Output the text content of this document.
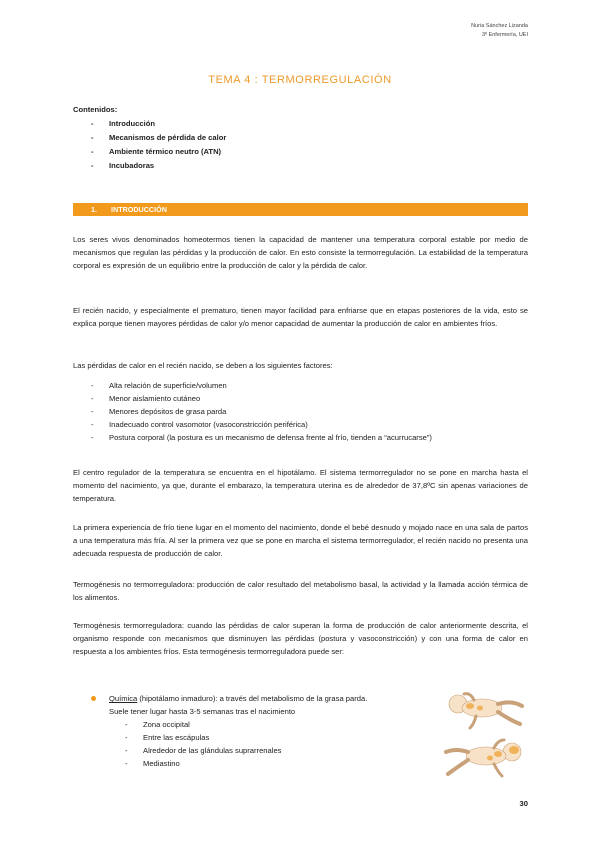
Nuria Sánchez Lizanda
3º Enfermería, UEI
TEMA 4 : TERMORREGULACIÓN

Contenidos:

- Introducción
- Mecanismos de pérdida de calor
- Ambiente térmico neutro (ATN)
- Incubadoras
1. INTRODUCCIÓN

Los seres vivos denominados homeotermos tienen la capacidad de mantener una temperatura corporal estable por medio de mecanismos que regulan las pérdidas y la producción de calor. En esto consiste la termorregulación. La estabilidad de la temperatura corporal es expresión de un equilibrio entre la producción de calor y la pérdida de calor.

El recién nacido, y especialmente el prematuro, tienen mayor facilidad para enfriarse que en etapas posteriores de la vida, esto se explica porque tienen mayores pérdidas de calor y/o menor capacidad de aumentar la producción de calor en ambientes fríos.

Las pérdidas de calor en el recién nacido, se deben a los siguientes factores:

- Alta relación de superficie/volumen
- Menor aislamiento cutáneo
- Menores depósitos de grasa parda
- Inadecuado control vasomotor (vasoconstricción periférica)
- Postura corporal (la postura es un mecanismo de defensa frente al frío, tienden a “acurrucarse”)

El centro regulador de la temperatura se encuentra en el hipotálamo. El sistema termorregulador no se pone en marcha hasta el momento del nacimiento, ya que, durante el embarazo, la temperatura uterina es de alrededor de 37,8ºC sin apenas variaciones de temperatura.

La primera experiencia de frío tiene lugar en el momento del nacimiento, donde el bebé desnudo y mojado nace en una sala de partos a una temperatura más fría. Al ser la primera vez que se pone en marcha el sistema termorregulador, el recién nacido no presenta una adecuada respuesta de producción de calor.

Termogénesis no termorreguladora: producción de calor resultado del metabolismo basal, la actividad y la llamada acción térmica de los alimentos.

Termogénesis termorreguladora: cuando las pérdidas de calor superan la forma de producción de calor anteriormente descrita, el organismo responde con mecanismos que disminuyen las pérdidas (postura y vasoconstricción) y con una forma de calor en respuesta a los ambientes fríos. Esta termogénesis termorreguladora puede ser:

Química (hipotálamo inmaduro): a través del metabolismo de la grasa parda.
Suele tener lugar hasta 3-5 semanas tras el nacimiento
- Zona occipital
- Entre las escápulas
- Alrededor de las glándulas suprarrenales
- Mediastino
30
